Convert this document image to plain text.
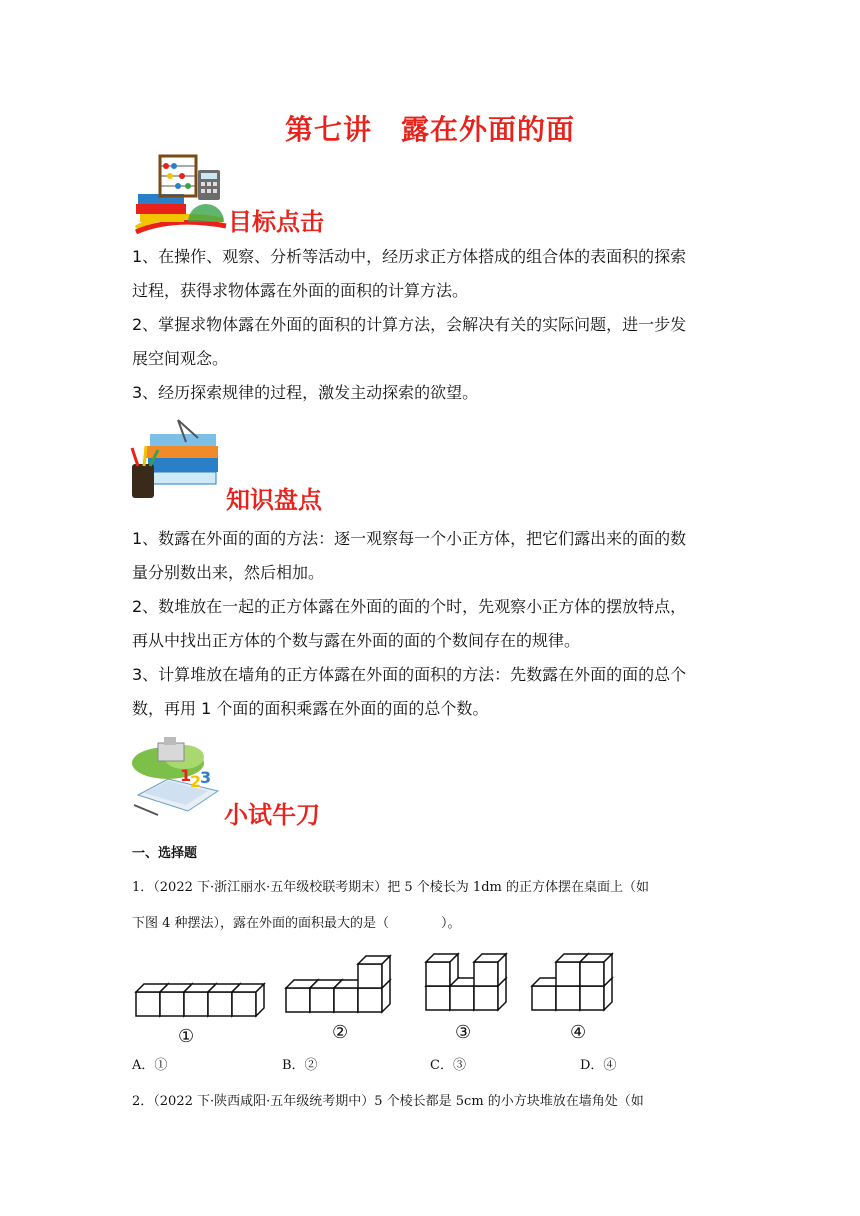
第七讲　露在外面的面
目标点击
1、在操作、观察、分析等活动中，经历求正方体搭成的组合体的表面积的探索
过程，获得求物体露在外面的面积的计算方法。
2、掌握求物体露在外面的面积的计算方法，会解决有关的实际问题，进一步发
展空间观念。
3、经历探索规律的过程，激发主动探索的欲望。
知识盘点
1、数露在外面的面的方法：逐一观察每一个小正方体，把它们露出来的面的数
量分别数出来，然后相加。
2、数堆放在一起的正方体露在外面的面的个时，先观察小正方体的摆放特点，
再从中找出正方体的个数与露在外面的面的个数间存在的规律。
3、计算堆放在墙角的正方体露在外面的面积的方法：先数露在外面的面的总个
数，再用 1 个面的面积乘露在外面的面的总个数。
1
2
3
小试牛刀
一、选择题
1．（2022 下·浙江丽水·五年级校联考期末）把 5 个棱长为 1dm 的正方体摆在桌面上（如
下图 4 种摆法），露在外面的面积最大的是（　　　　）。
①	②	③	④
A．①	B．②	C．③	D．④
2．（2022 下·陕西咸阳·五年级统考期中）5 个棱长都是 5cm 的小方块堆放在墙角处（如
